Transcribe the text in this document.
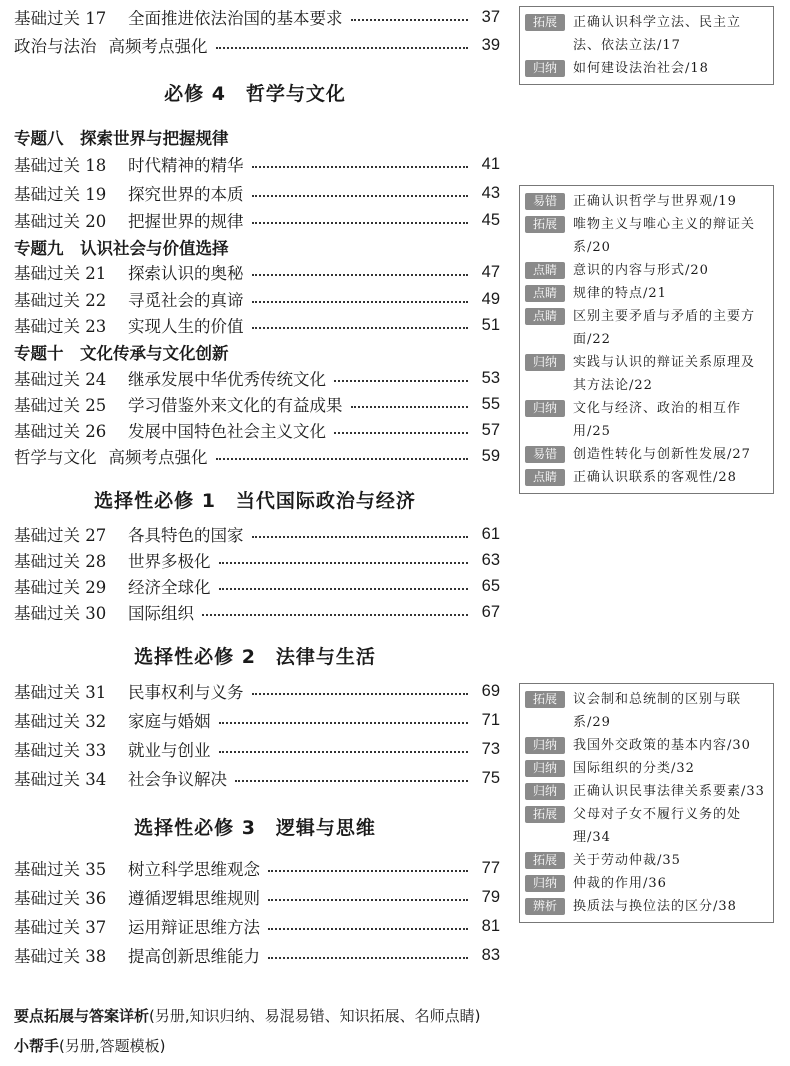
基础过关 17	全面推进依法治国的基本要求	37
政治与法治 高频考点强化	39
必修 4　哲学与文化
专题八　探索世界与把握规律
基础过关 18	时代精神的精华	41
基础过关 19	探究世界的本质	43
基础过关 20	把握世界的规律	45
专题九　认识社会与价值选择
基础过关 21	探索认识的奥秘	47
基础过关 22	寻觅社会的真谛	49
基础过关 23	实现人生的价值	51
专题十　文化传承与文化创新
基础过关 24	继承发展中华优秀传统文化	53
基础过关 25	学习借鉴外来文化的有益成果	55
基础过关 26	发展中国特色社会主义文化	57
哲学与文化 高频考点强化	59
选择性必修 1　当代国际政治与经济
基础过关 27	各具特色的国家	61
基础过关 28	世界多极化	63
基础过关 29	经济全球化	65
基础过关 30	国际组织	67
选择性必修 2　法律与生活
基础过关 31	民事权利与义务	69
基础过关 32	家庭与婚姻	71
基础过关 33	就业与创业	73
基础过关 34	社会争议解决	75
选择性必修 3　逻辑与思维
基础过关 35	树立科学思维观念	77
基础过关 36	遵循逻辑思维规则	79
基础过关 37	运用辩证思维方法	81
基础过关 38	提高创新思维能力	83
拓展	正确认识科学立法、民主立法、依法立法/17
归纳	如何建设法治社会/18
易错	正确认识哲学与世界观/19
拓展	唯物主义与唯心主义的辩证关系/20
点睛	意识的内容与形式/20
点睛	规律的特点/21
点睛	区别主要矛盾与矛盾的主要方面/22
归纳	实践与认识的辩证关系原理及其方法论/22
归纳	文化与经济、政治的相互作用/25
易错	创造性转化与创新性发展/27
点睛	正确认识联系的客观性/28
拓展	议会制和总统制的区别与联系/29
归纳	我国外交政策的基本内容/30
归纳	国际组织的分类/32
归纳	正确认识民事法律关系要素/33
拓展	父母对子女不履行义务的处理/34
拓展	关于劳动仲裁/35
归纳	仲裁的作用/36
辨析	换质法与换位法的区分/38
要点拓展与答案详析(另册,知识归纳、易混易错、知识拓展、名师点睛)
小帮手(另册,答题模板)
